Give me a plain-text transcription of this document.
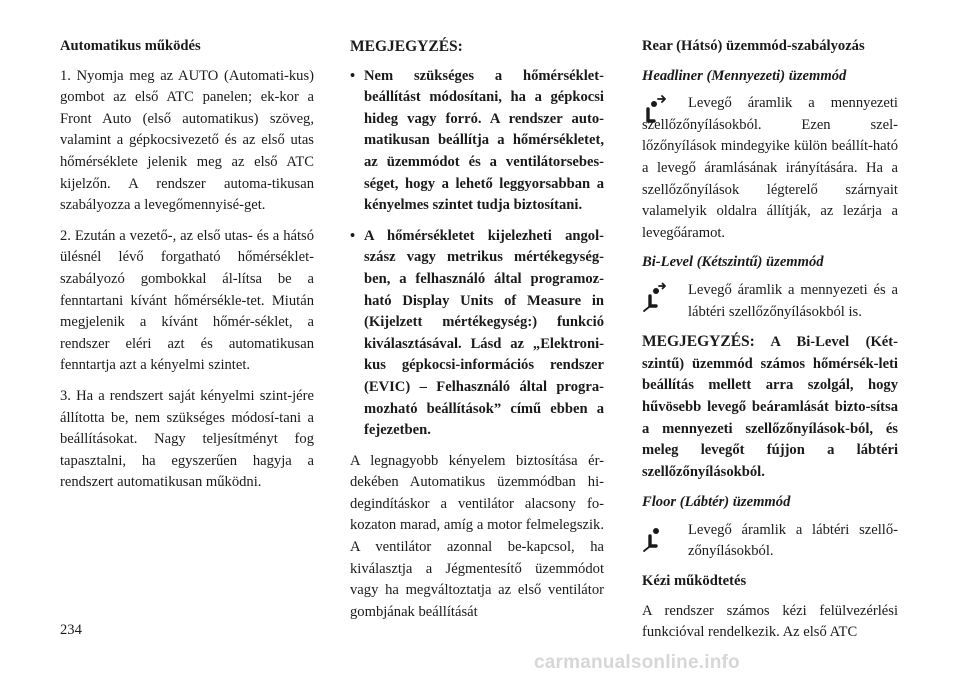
Automatikus működés

1. Nyomja meg az AUTO (Automati-kus) gombot az első ATC panelen; ek-kor a Front Auto (első automatikus) szöveg, valamint a gépkocsivezető és az első utas hőmérséklete jelenik meg az első ATC kijelzőn. A rendszer automa-tikusan szabályozza a levegőmennyisé-get.

2. Ezután a vezető-, az első utas- és a hátsó ülésnél lévő forgatható hőmérséklet-szabályozó gombokkal ál-lítsa be a fenntartani kívánt hőmérsékle-tet. Miután megjelenik a kívánt hőmér-séklet, a rendszer eléri azt és automatikusan fenntartja azt a kényelmi szintet.

3. Ha a rendszert saját kényelmi szint-jére állította be, nem szükséges módosí-tani a beállításokat. Nagy teljesítményt fog tapasztalni, ha egyszerűen hagyja a rendszert automatikusan működni.

MEGJEGYZÉS:

• Nem szükséges a hőmérséklet-beállítást módosítani, ha a gépkocsi hideg vagy forró. A rendszer auto-matikusan beállítja a hőmérsékletet, az üzemmódot és a ventilátorsebes-séget, hogy a lehető leggyorsabban a kényelmes szintet tudja biztosítani.
• A hőmérsékletet kijelezheti angol-szász vagy metrikus mértékegység-ben, a felhasználó által programoz-ható Display Units of Measure in (Kijelzett mértékegység:) funkció kiválasztásával. Lásd az „Elektroni-kus gépkocsi-információs rendszer (EVIC) – Felhasználó által progra-mozható beállítások” című ebben a fejezetben.

A legnagyobb kényelem biztosítása ér-dekében Automatikus üzemmódban hi-degindításkor a ventilátor alacsony fo-kozaton marad, amíg a motor felmelegszik. A ventilátor azonnal be-kapcsol, ha kiválasztja a Jégmentesítő üzemmódot vagy ha megváltoztatja az első ventilátor gombjának beállítását

Rear (Hátsó) üzemmód-szabályozás

Headliner (Mennyezeti) üzemmód

Levegő áramlik a mennyezeti szellőzőnyílásokból. Ezen szel-lőzőnyílások mindegyike külön beállít-ható a levegő áramlásának irányítására. Ha a szellőzőnyílások légterelő szárnyait valamelyik oldalra állítják, az lezárja a levegőáramot.

Bi-Level (Kétszintű) üzemmód

Levegő áramlik a mennyezeti és a lábtéri szellőzőnyílásokból is.

MEGJEGYZÉS: A Bi-Level (Két-szintű) üzemmód számos hőmérsék-leti beállítás mellett arra szolgál, hogy hűvösebb levegő beáramlását bizto-sítsa a mennyezeti szellőzőnyílások-ból, és meleg levegőt fújjon a lábtéri szellőzőnyílásokból.

Floor (Lábtér) üzemmód

Levegő áramlik a lábtéri szellő-zőnyílásokból.

Kézi működtetés

A rendszer számos kézi felülvezérlési funkcióval rendelkezik. Az első ATC

234
carmanualsonline.info
